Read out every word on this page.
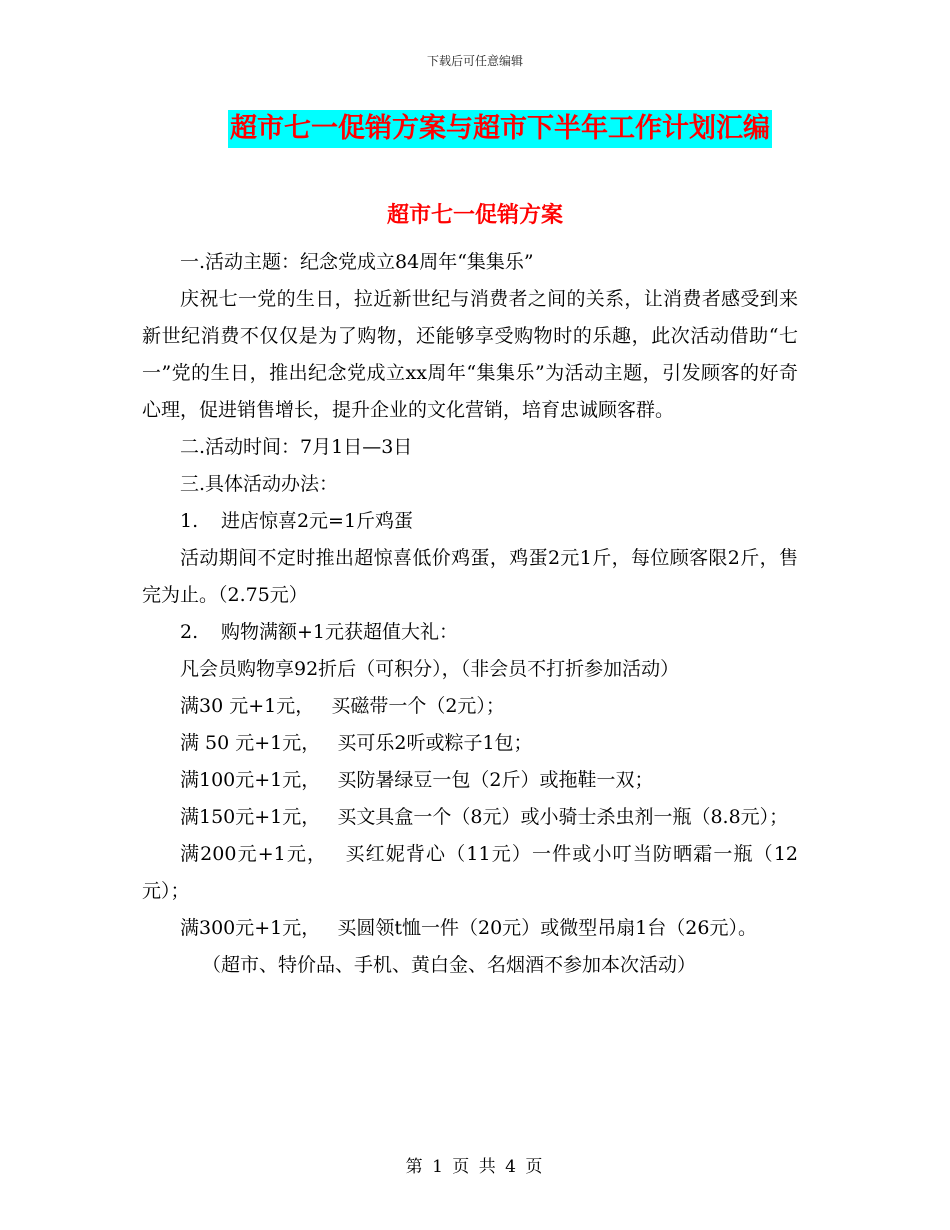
下载后可任意编辑
超市七一促销方案与超市下半年工作计划汇编
超市七一促销方案

一.活动主题：纪念党成立84周年“集集乐”

庆祝七一党的生日，拉近新世纪与消费者之间的关系，让消费者感受到来新世纪消费不仅仅是为了购物，还能够享受购物时的乐趣，此次活动借助“七一”党的生日，推出纪念党成立xx周年“集集乐”为活动主题，引发顾客的好奇心理，促进销售增长，提升企业的文化营销，培育忠诚顾客群。

二.活动时间：7月1日—3日

三.具体活动办法：

1. 进店惊喜2元=1斤鸡蛋

活动期间不定时推出超惊喜低价鸡蛋，鸡蛋2元1斤，每位顾客限2斤，售完为止。（2.75元）

2. 购物满额+1元获超值大礼：

凡会员购物享92折后（可积分），（非会员不打折参加活动）

满30 元+1元， 买磁带一个（2元）；

满 50 元+1元， 买可乐2听或粽子1包；

满100元+1元， 买防暑绿豆一包（2斤）或拖鞋一双；

满150元+1元， 买文具盒一个（8元）或小骑士杀虫剂一瓶（8.8元）；

满200元+1元， 买红妮背心（11元）一件或小叮当防晒霜一瓶（12元）；

满300元+1元， 买圆领t恤一件（20元）或微型吊扇1台（26元）。

（超市、特价品、手机、黄白金、名烟酒不参加本次活动）

第 1 页 共 4 页
